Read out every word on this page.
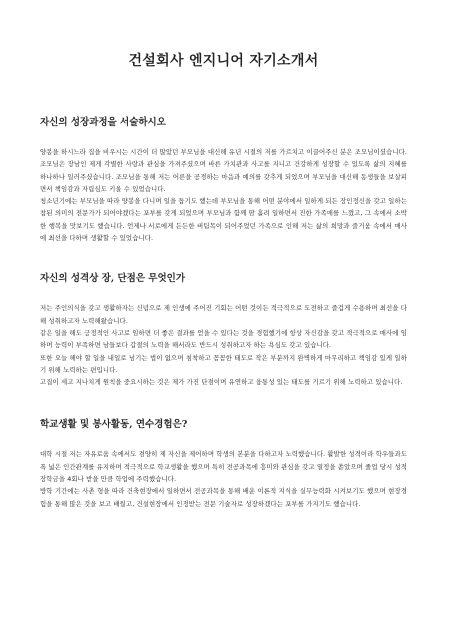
건설회사 엔지니어 자기소개서
자신의 성장과정을 서술하시오

양봉을 하시느라 집을 비우시는 시간이 더 많았던 부모님을 대신해 유년 시절의 저를 가르치고 이끌어주신 분은 조모님이셨습니다. 조모님은 장남인 제게 각별한 사랑과 관심을 가져주셨으며 바른 가치관과 사고를 지니고 건강하게 성장할 수 있도록 삶의 지혜를 하나하나 일러주셨습니다. 조모님을 통해 저는 어른을 공경하는 마음과 예의를 갖추게 되었으며 부모님을 대신해 동생들을 보살피면서 책임감과 자립심도 키울 수 있었습니다.

청소년기에는 부모님을 따라 양봉을 다니며 일을 돕기도 했는데 부모님을 통해 어떤 분야에서 일하게 되든 장인정신을 갖고 일하는 참된 의미의 전문가가 되어야겠다는 포부를 갖게 되었으며 부모님과 함께 땀 흘려 일하면서 진한 가족애를 느꼈고, 그 속에서 소박한 행복을 맛보기도 했습니다. 언제나 서로에게 든든한 버팀목이 되어주었던 가족으로 인해 저는 삶의 희망과 즐거움 속에서 매사에 최선을 다하며 생활할 수 있었습니다.

자신의 성격상 장, 단점은 무엇인가

저는 주인의식을 갖고 생활하자는 신념으로 제 인생에 주어진 기회는 어떤 것이든 적극적으로 도전하고 즐겁게 수용하며 최선을 다해 성취하고자 노력해왔습니다.

같은 일을 해도 긍정적인 사고로 임하면 더 좋은 결과를 얻을 수 있다는 것을 경험했기에 항상 자신감을 갖고 적극적으로 매사에 임하며 능력이 부족하면 남들보다 갑절의 노력을 해서라도 반드시 성취하고자 하는 욕심도 갖고 있습니다.

또한 오늘 해야 할 일을 내일로 넘기는 법이 없으며 침착하고 꼼꼼한 태도로 작은 부분까지 완벽하게 마무리하고 책임감 있게 일하기 위해 노력하는 편입니다.

고집이 세고 지나치게 원칙을 중요시하는 것은 제가 가진 단점이며 유연하고 융통성 있는 태도를 기르기 위해 노력하고 있습니다.

학교생활 및 봉사활동, 연수경험은?

대학 시절 저는 자유로움 속에서도 겸양히 제 자신을 제어하며 학생의 본분을 다하고자 노력했습니다. 활발한 성격이라 학우들과도 폭 넓은 인간관계를 유지하며 적극적으로 학교생활을 했으며 특히 전공과목에 흥미와 관심을 갖고 열정을 쏟았으며 졸업 당시 성적장학금을 4회나 받을 만큼 학업에 주력했습니다.

방학 기간에는 사촌 형을 따라 건축현장에서 일하면서 전공과목을 통해 배운 이론적 지식을 실무능력화 시켜보기도 했으며 현장경험을 통해 많은 것을 보고 배웠고, 건설현장에서 인정받는 전문 기술자로 성장하겠다는 포부를 가지기도 했습니다.
